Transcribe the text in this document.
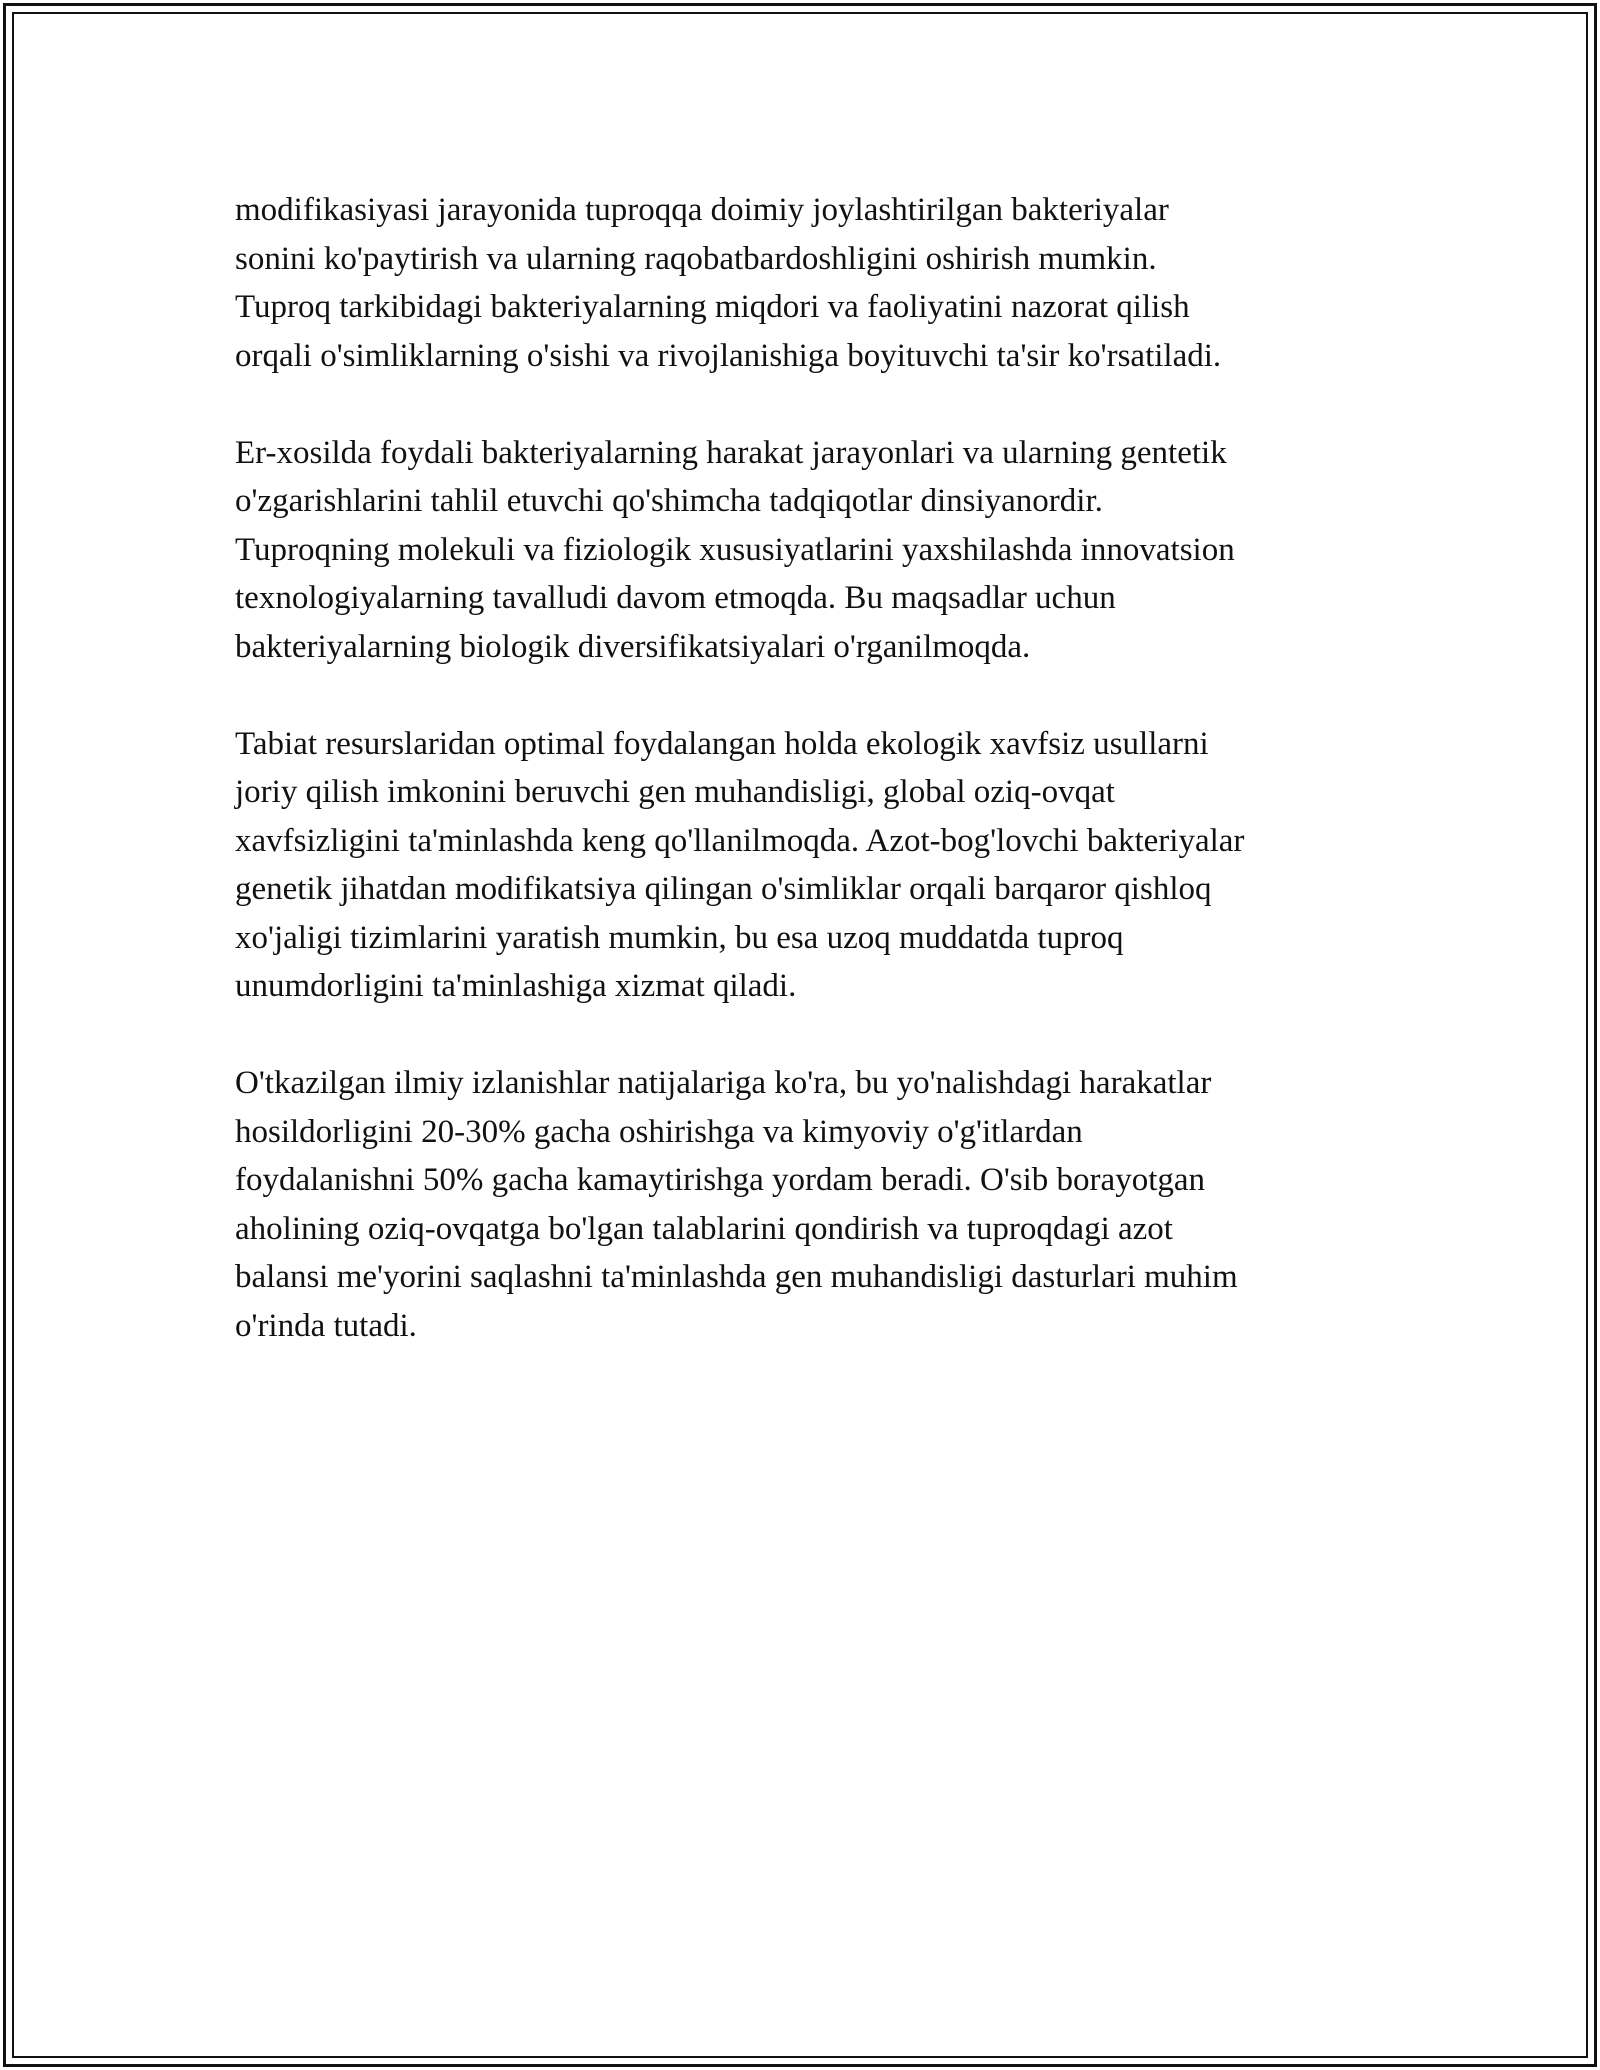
modifikasiyasi jarayonida tuproqqa doimiy joylashtirilgan bakteriyalar
sonini ko'paytirish va ularning raqobatbardoshligini oshirish mumkin.
Tuproq tarkibidagi bakteriyalarning miqdori va faoliyatini nazorat qilish
orqali o'simliklarning o'sishi va rivojlanishiga boyituvchi ta'sir ko'rsatiladi.

Er-xosilda foydali bakteriyalarning harakat jarayonlari va ularning gentetik
o'zgarishlarini tahlil etuvchi qo'shimcha tadqiqotlar dinsiyanordir.
Tuproqning molekuli va fiziologik xususiyatlarini yaxshilashda innovatsion
texnologiyalarning tavalludi davom etmoqda. Bu maqsadlar uchun
bakteriyalarning biologik diversifikatsiyalari o'rganilmoqda.

Tabiat resurslaridan optimal foydalangan holda ekologik xavfsiz usullarni
joriy qilish imkonini beruvchi gen muhandisligi, global oziq-ovqat
xavfsizligini ta'minlashda keng qo'llanilmoqda. Azot-bog'lovchi bakteriyalar
genetik jihatdan modifikatsiya qilingan o'simliklar orqali barqaror qishloq
xo'jaligi tizimlarini yaratish mumkin, bu esa uzoq muddatda tuproq
unumdorligini ta'minlashiga xizmat qiladi.

O'tkazilgan ilmiy izlanishlar natijalariga ko'ra, bu yo'nalishdagi harakatlar
hosildorligini 20-30% gacha oshirishga va kimyoviy o'g'itlardan
foydalanishni 50% gacha kamaytirishga yordam beradi. O'sib borayotgan
aholining oziq-ovqatga bo'lgan talablarini qondirish va tuproqdagi azot
balansi me'yorini saqlashni ta'minlashda gen muhandisligi dasturlari muhim
o'rinda tutadi.
